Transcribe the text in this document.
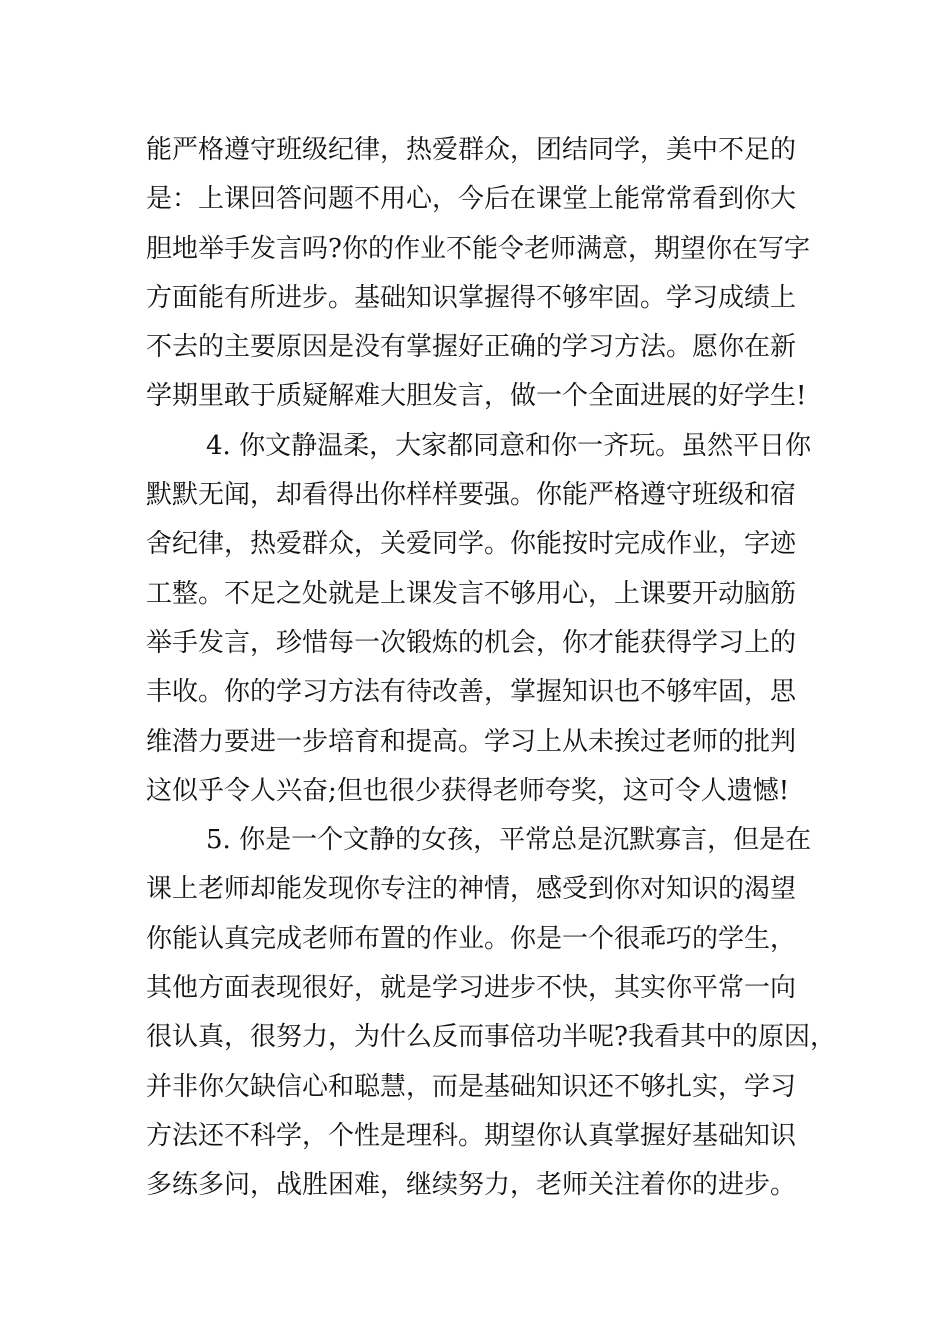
能严格遵守班级纪律，热爱群众，团结同学，美中不足的
是：上课回答问题不用心，今后在课堂上能常常看到你大
胆地举手发言吗?你的作业不能令老师满意，期望你在写字
方面能有所进步。基础知识掌握得不够牢固。学习成绩上
不去的主要原因是没有掌握好正确的学习方法。愿你在新
学期里敢于质疑解难大胆发言，做一个全面进展的好学生!
4. 你文静温柔，大家都同意和你一齐玩。虽然平日你
默默无闻，却看得出你样样要强。你能严格遵守班级和宿
舍纪律，热爱群众，关爱同学。你能按时完成作业，字迹
工整。不足之处就是上课发言不够用心，上课要开动脑筋
举手发言，珍惜每一次锻炼的机会，你才能获得学习上的
丰收。你的学习方法有待改善，掌握知识也不够牢固，思
维潜力要进一步培育和提高。学习上从未挨过老师的批判
这似乎令人兴奋;但也很少获得老师夸奖，这可令人遗憾!
5. 你是一个文静的女孩，平常总是沉默寡言，但是在
课上老师却能发现你专注的神情，感受到你对知识的渴望
你能认真完成老师布置的作业。你是一个很乖巧的学生，
其他方面表现很好，就是学习进步不快，其实你平常一向
很认真，很努力，为什么反而事倍功半呢?我看其中的原因，
并非你欠缺信心和聪慧，而是基础知识还不够扎实，学习
方法还不科学，个性是理科。期望你认真掌握好基础知识
多练多问，战胜困难，继续努力，老师关注着你的进步。
